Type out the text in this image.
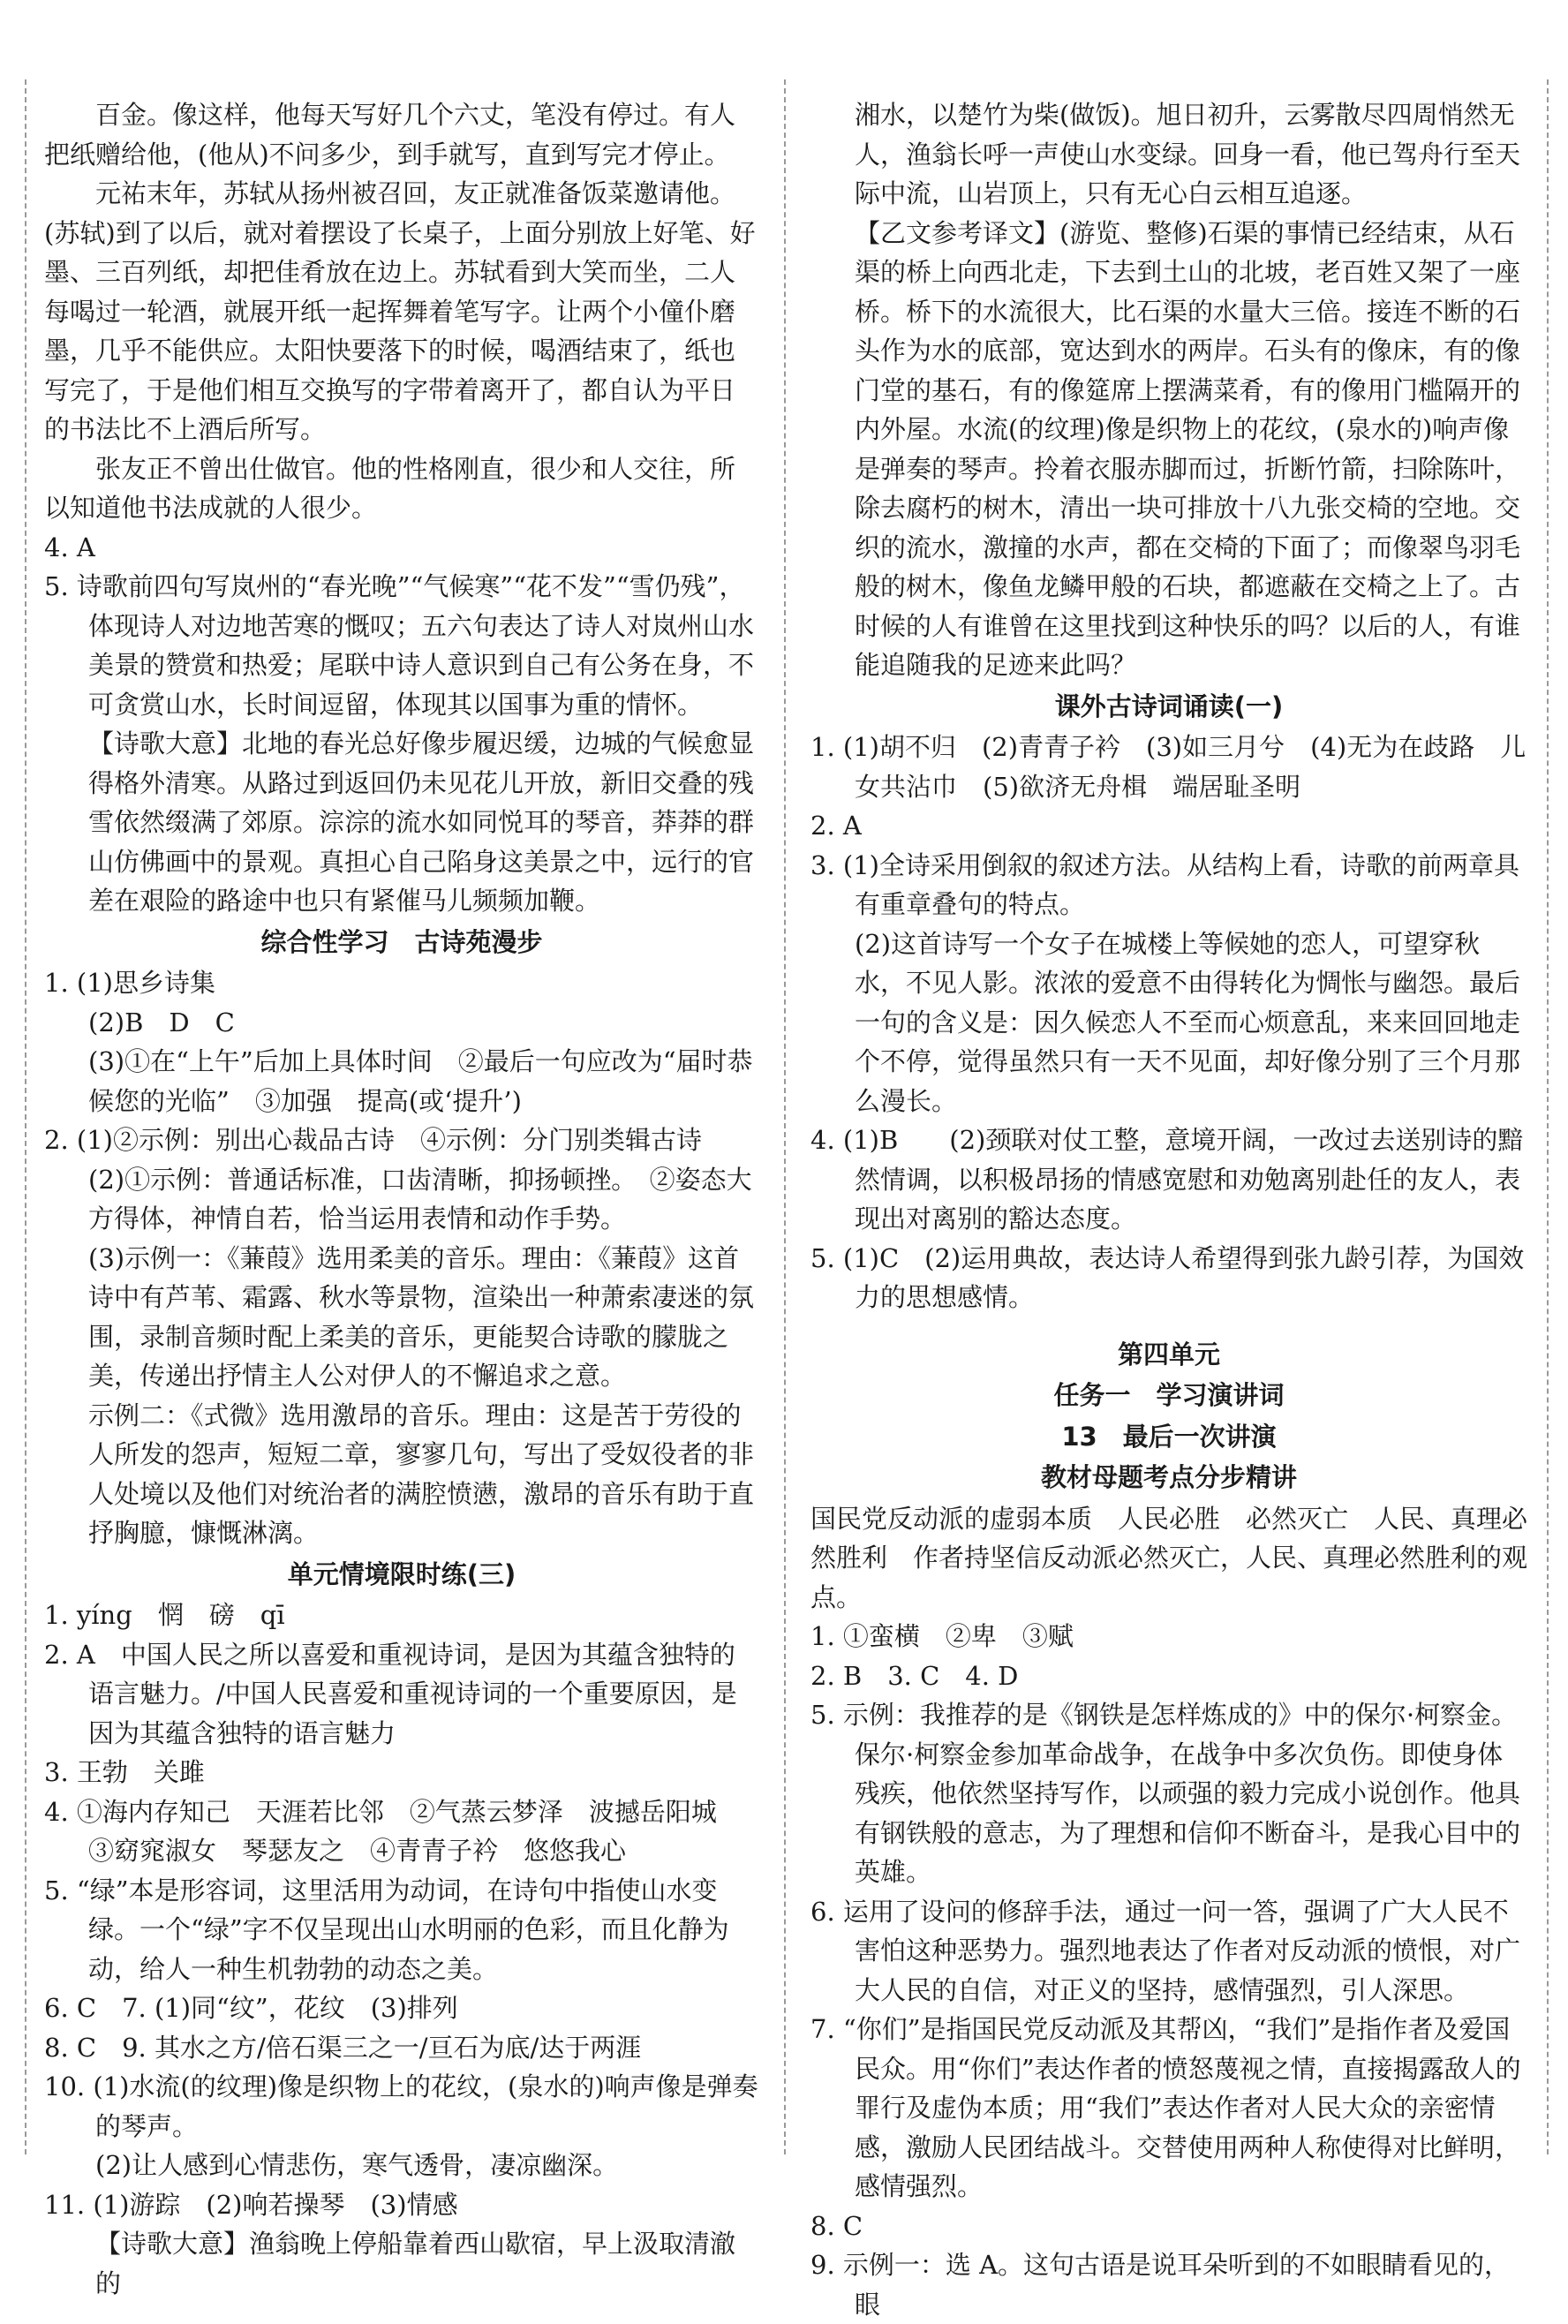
百金。像这样，他每天写好几个六丈，笔没有停过。有人把纸赠给他，(他从)不问多少，到手就写，直到写完才停止。

元祐末年，苏轼从扬州被召回，友正就准备饭菜邀请他。(苏轼)到了以后，就对着摆设了长桌子，上面分别放上好笔、好墨、三百列纸，却把佳肴放在边上。苏轼看到大笑而坐，二人每喝过一轮酒，就展开纸一起挥舞着笔写字。让两个小僮仆磨墨，几乎不能供应。太阳快要落下的时候，喝酒结束了，纸也写完了，于是他们相互交换写的字带着离开了，都自认为平日的书法比不上酒后所写。

张友正不曾出仕做官。他的性格刚直，很少和人交往，所以知道他书法成就的人很少。

4. A

5. 诗歌前四句写岚州的“春光晚”“气候寒”“花不发”“雪仍残”，体现诗人对边地苦寒的慨叹；五六句表达了诗人对岚州山水美景的赞赏和热爱；尾联中诗人意识到自己有公务在身，不可贪赏山水，长时间逗留，体现其以国事为重的情怀。

【诗歌大意】北地的春光总好像步履迟缓，边城的气候愈显得格外清寒。从路过到返回仍未见花儿开放，新旧交叠的残雪依然缀满了郊原。淙淙的流水如同悦耳的琴音，莽莽的群山仿佛画中的景观。真担心自己陷身这美景之中，远行的官差在艰险的路途中也只有紧催马儿频频加鞭。

综合性学习　古诗苑漫步

1. (1)思乡诗集

(2)B　D　C

(3)①在“上午”后加上具体时间　②最后一句应改为“届时恭候您的光临”　③加强　提高(或‘提升’)

2. (1)②示例：别出心裁品古诗　④示例：分门别类辑古诗

(2)①示例：普通话标准，口齿清晰，抑扬顿挫。　②姿态大方得体，神情自若，恰当运用表情和动作手势。

(3)示例一：《蒹葭》选用柔美的音乐。理由：《蒹葭》这首诗中有芦苇、霜露、秋水等景物，渲染出一种萧索凄迷的氛围，录制音频时配上柔美的音乐，更能契合诗歌的朦胧之美，传递出抒情主人公对伊人的不懈追求之意。

示例二：《式微》选用激昂的音乐。理由：这是苦于劳役的人所发的怨声，短短二章，寥寥几句，写出了受奴役者的非人处境以及他们对统治者的满腔愤懑，激昂的音乐有助于直抒胸臆，慷慨淋漓。

单元情境限时练(三)

1. yíng　惘　磅　qī

2. A　中国人民之所以喜爱和重视诗词，是因为其蕴含独特的语言魅力。/中国人民喜爱和重视诗词的一个重要原因，是因为其蕴含独特的语言魅力

3. 王勃　关雎

4. ①海内存知己　天涯若比邻　②气蒸云梦泽　波撼岳阳城

③窈窕淑女　琴瑟友之　④青青子衿　悠悠我心

5. “绿”本是形容词，这里活用为动词，在诗句中指使山水变绿。一个“绿”字不仅呈现出山水明丽的色彩，而且化静为动，给人一种生机勃勃的动态之美。

6. C　7. (1)同“纹”，花纹　(3)排列

8. C　9. 其水之方/倍石渠三之一/亘石为底/达于两涯

10. (1)水流(的纹理)像是织物上的花纹，(泉水的)响声像是弹奏的琴声。

(2)让人感到心情悲伤，寒气透骨，凄凉幽深。

11. (1)游踪　(2)响若操琴　(3)情感

【诗歌大意】渔翁晚上停船靠着西山歇宿，早上汲取清澈的

湘水，以楚竹为柴(做饭)。旭日初升，云雾散尽四周悄然无人，渔翁长呼一声使山水变绿。回身一看，他已驾舟行至天际中流，山岩顶上，只有无心白云相互追逐。

【乙文参考译文】(游览、整修)石渠的事情已经结束，从石渠的桥上向西北走，下去到土山的北坡，老百姓又架了一座桥。桥下的水流很大，比石渠的水量大三倍。接连不断的石头作为水的底部，宽达到水的两岸。石头有的像床，有的像门堂的基石，有的像筵席上摆满菜肴，有的像用门槛隔开的内外屋。水流(的纹理)像是织物上的花纹，(泉水的)响声像是弹奏的琴声。拎着衣服赤脚而过，折断竹箭，扫除陈叶，除去腐朽的树木，清出一块可排放十八九张交椅的空地。交织的流水，激撞的水声，都在交椅的下面了；而像翠鸟羽毛般的树木，像鱼龙鳞甲般的石块，都遮蔽在交椅之上了。古时候的人有谁曾在这里找到这种快乐的吗？以后的人，有谁能追随我的足迹来此吗？

课外古诗词诵读(一)

1. (1)胡不归　(2)青青子衿　(3)如三月兮　(4)无为在歧路　儿女共沾巾　(5)欲济无舟楫　端居耻圣明

2. A

3. (1)全诗采用倒叙的叙述方法。从结构上看，诗歌的前两章具有重章叠句的特点。

(2)这首诗写一个女子在城楼上等候她的恋人，可望穿秋水，不见人影。浓浓的爱意不由得转化为惆怅与幽怨。最后一句的含义是：因久候恋人不至而心烦意乱，来来回回地走个不停，觉得虽然只有一天不见面，却好像分别了三个月那么漫长。

4. (1)B　　(2)颈联对仗工整，意境开阔，一改过去送别诗的黯然情调，以积极昂扬的情感宽慰和劝勉离别赴任的友人，表现出对离别的豁达态度。

5. (1)C　(2)运用典故，表达诗人希望得到张九龄引荐，为国效力的思想感情。

第四单元

任务一　学习演讲词

13　最后一次讲演

教材母题考点分步精讲

国民党反动派的虚弱本质　人民必胜　必然灭亡　人民、真理必然胜利　作者持坚信反动派必然灭亡，人民、真理必然胜利的观点。

1. ①蛮横　②卑　③赋

2. B　3. C　4. D

5. 示例：我推荐的是《钢铁是怎样炼成的》中的保尔·柯察金。保尔·柯察金参加革命战争，在战争中多次负伤。即使身体残疾，他依然坚持写作，以顽强的毅力完成小说创作。他具有钢铁般的意志，为了理想和信仰不断奋斗，是我心目中的英雄。

6. 运用了设问的修辞手法，通过一问一答，强调了广大人民不害怕这种恶势力。强烈地表达了作者对反动派的愤恨，对广大人民的自信，对正义的坚持，感情强烈，引人深思。

7. “你们”是指国民党反动派及其帮凶，“我们”是指作者及爱国民众。用“你们”表达作者的愤怒蔑视之情，直接揭露敌人的罪行及虚伪本质；用“我们”表达作者对人民大众的亲密情感，激励人民团结战斗。交替使用两种人称使得对比鲜明，感情强烈。

8. C

9. 示例一：选 A。这句古语是说耳朵听到的不如眼睛看见的，眼
